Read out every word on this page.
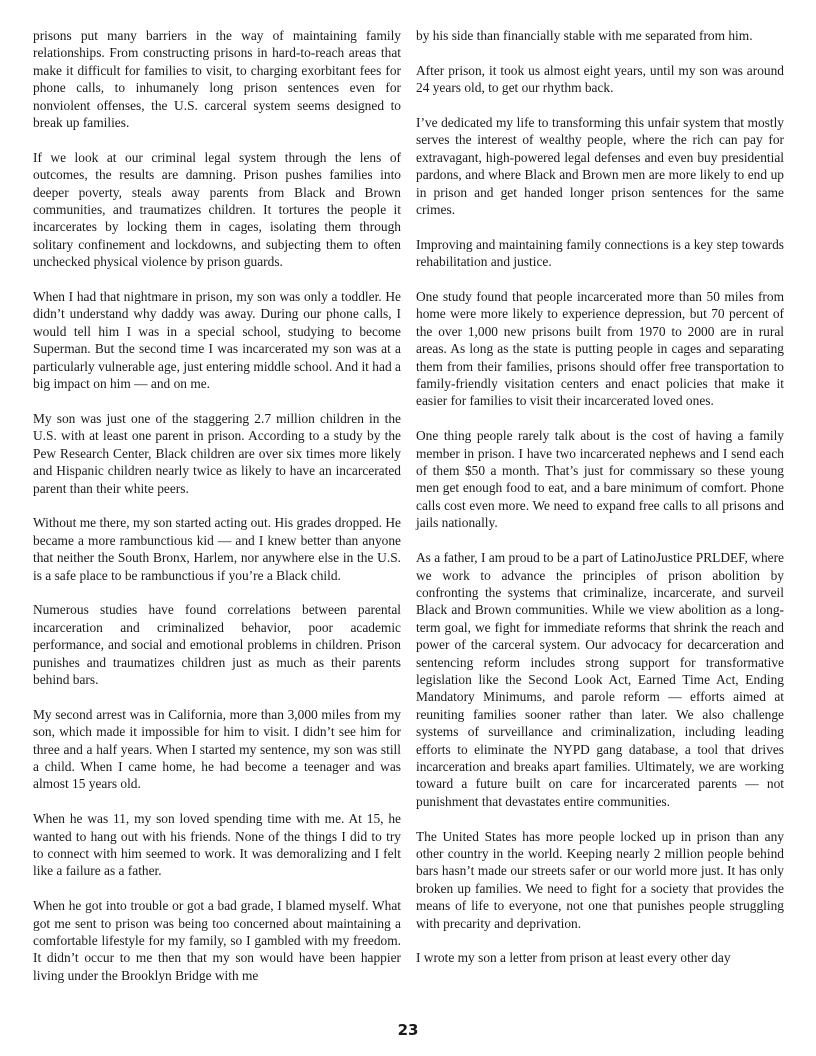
prisons put many barriers in the way of maintaining family relationships. From constructing prisons in hard-to-reach areas that make it difficult for families to visit, to charging exorbitant fees for phone calls, to inhumanely long prison sentences even for nonviolent offenses, the U.S. carceral system seems designed to break up families.

If we look at our criminal legal system through the lens of outcomes, the results are damning. Prison pushes families into deeper poverty, steals away parents from Black and Brown communities, and traumatizes children. It tortures the people it incarcerates by locking them in cages, isolating them through solitary confinement and lockdowns, and subjecting them to often unchecked physical violence by prison guards.

When I had that nightmare in prison, my son was only a toddler. He didn’t understand why daddy was away. During our phone calls, I would tell him I was in a special school, studying to become Superman. But the second time I was incarcerated my son was at a particularly vulnerable age, just entering middle school. And it had a big impact on him — and on me.

My son was just one of the staggering 2.7 million children in the U.S. with at least one parent in prison. According to a study by the Pew Research Center, Black children are over six times more likely and Hispanic children nearly twice as likely to have an incarcerated parent than their white peers.

Without me there, my son started acting out. His grades dropped. He became a more rambunctious kid — and I knew better than anyone that neither the South Bronx, Harlem, nor anywhere else in the U.S. is a safe place to be rambunctious if you’re a Black child.

Numerous studies have found correlations between parental incarceration and criminalized behavior, poor academic performance, and social and emotional problems in children. Prison punishes and traumatizes children just as much as their parents behind bars.

My second arrest was in California, more than 3,000 miles from my son, which made it impossible for him to visit. I didn’t see him for three and a half years. When I started my sentence, my son was still a child. When I came home, he had become a teenager and was almost 15 years old.

When he was 11, my son loved spending time with me. At 15, he wanted to hang out with his friends. None of the things I did to try to connect with him seemed to work. It was demoralizing and I felt like a failure as a father.

When he got into trouble or got a bad grade, I blamed myself. What got me sent to prison was being too concerned about maintaining a comfortable lifestyle for my family, so I gambled with my freedom. It didn’t occur to me then that my son would have been happier living under the Brooklyn Bridge with me

by his side than financially stable with me separated from him.

After prison, it took us almost eight years, until my son was around 24 years old, to get our rhythm back.

I’ve dedicated my life to transforming this unfair system that mostly serves the interest of wealthy people, where the rich can pay for extravagant, high-powered legal defenses and even buy presidential pardons, and where Black and Brown men are more likely to end up in prison and get handed longer prison sentences for the same crimes.

Improving and maintaining family connections is a key step towards rehabilitation and justice.

One study found that people incarcerated more than 50 miles from home were more likely to experience depression, but 70 percent of the over 1,000 new prisons built from 1970 to 2000 are in rural areas. As long as the state is putting people in cages and separating them from their families, prisons should offer free transportation to family-friendly visitation centers and enact policies that make it easier for families to visit their incarcerated loved ones.

One thing people rarely talk about is the cost of having a family member in prison. I have two incarcerated nephews and I send each of them $50 a month. That’s just for commissary so these young men get enough food to eat, and a bare minimum of comfort. Phone calls cost even more. We need to expand free calls to all prisons and jails nationally.

As a father, I am proud to be a part of LatinoJustice PRLDEF, where we work to advance the principles of prison abolition by confronting the systems that criminalize, incarcerate, and surveil Black and Brown communities. While we view abolition as a long-term goal, we fight for immediate reforms that shrink the reach and power of the carceral system. Our advocacy for decarceration and sentencing reform includes strong support for transformative legislation like the Second Look Act, Earned Time Act, Ending Mandatory Minimums, and parole reform — efforts aimed at reuniting families sooner rather than later. We also challenge systems of surveillance and criminalization, including leading efforts to eliminate the NYPD gang database, a tool that drives incarceration and breaks apart families. Ultimately, we are working toward a future built on care for incarcerated parents — not punishment that devastates entire communities.

The United States has more people locked up in prison than any other country in the world. Keeping nearly 2 million people behind bars hasn’t made our streets safer or our world more just. It has only broken up families. We need to fight for a society that provides the means of life to everyone, not one that punishes people struggling with precarity and deprivation.

I wrote my son a letter from prison at least every other day

23
